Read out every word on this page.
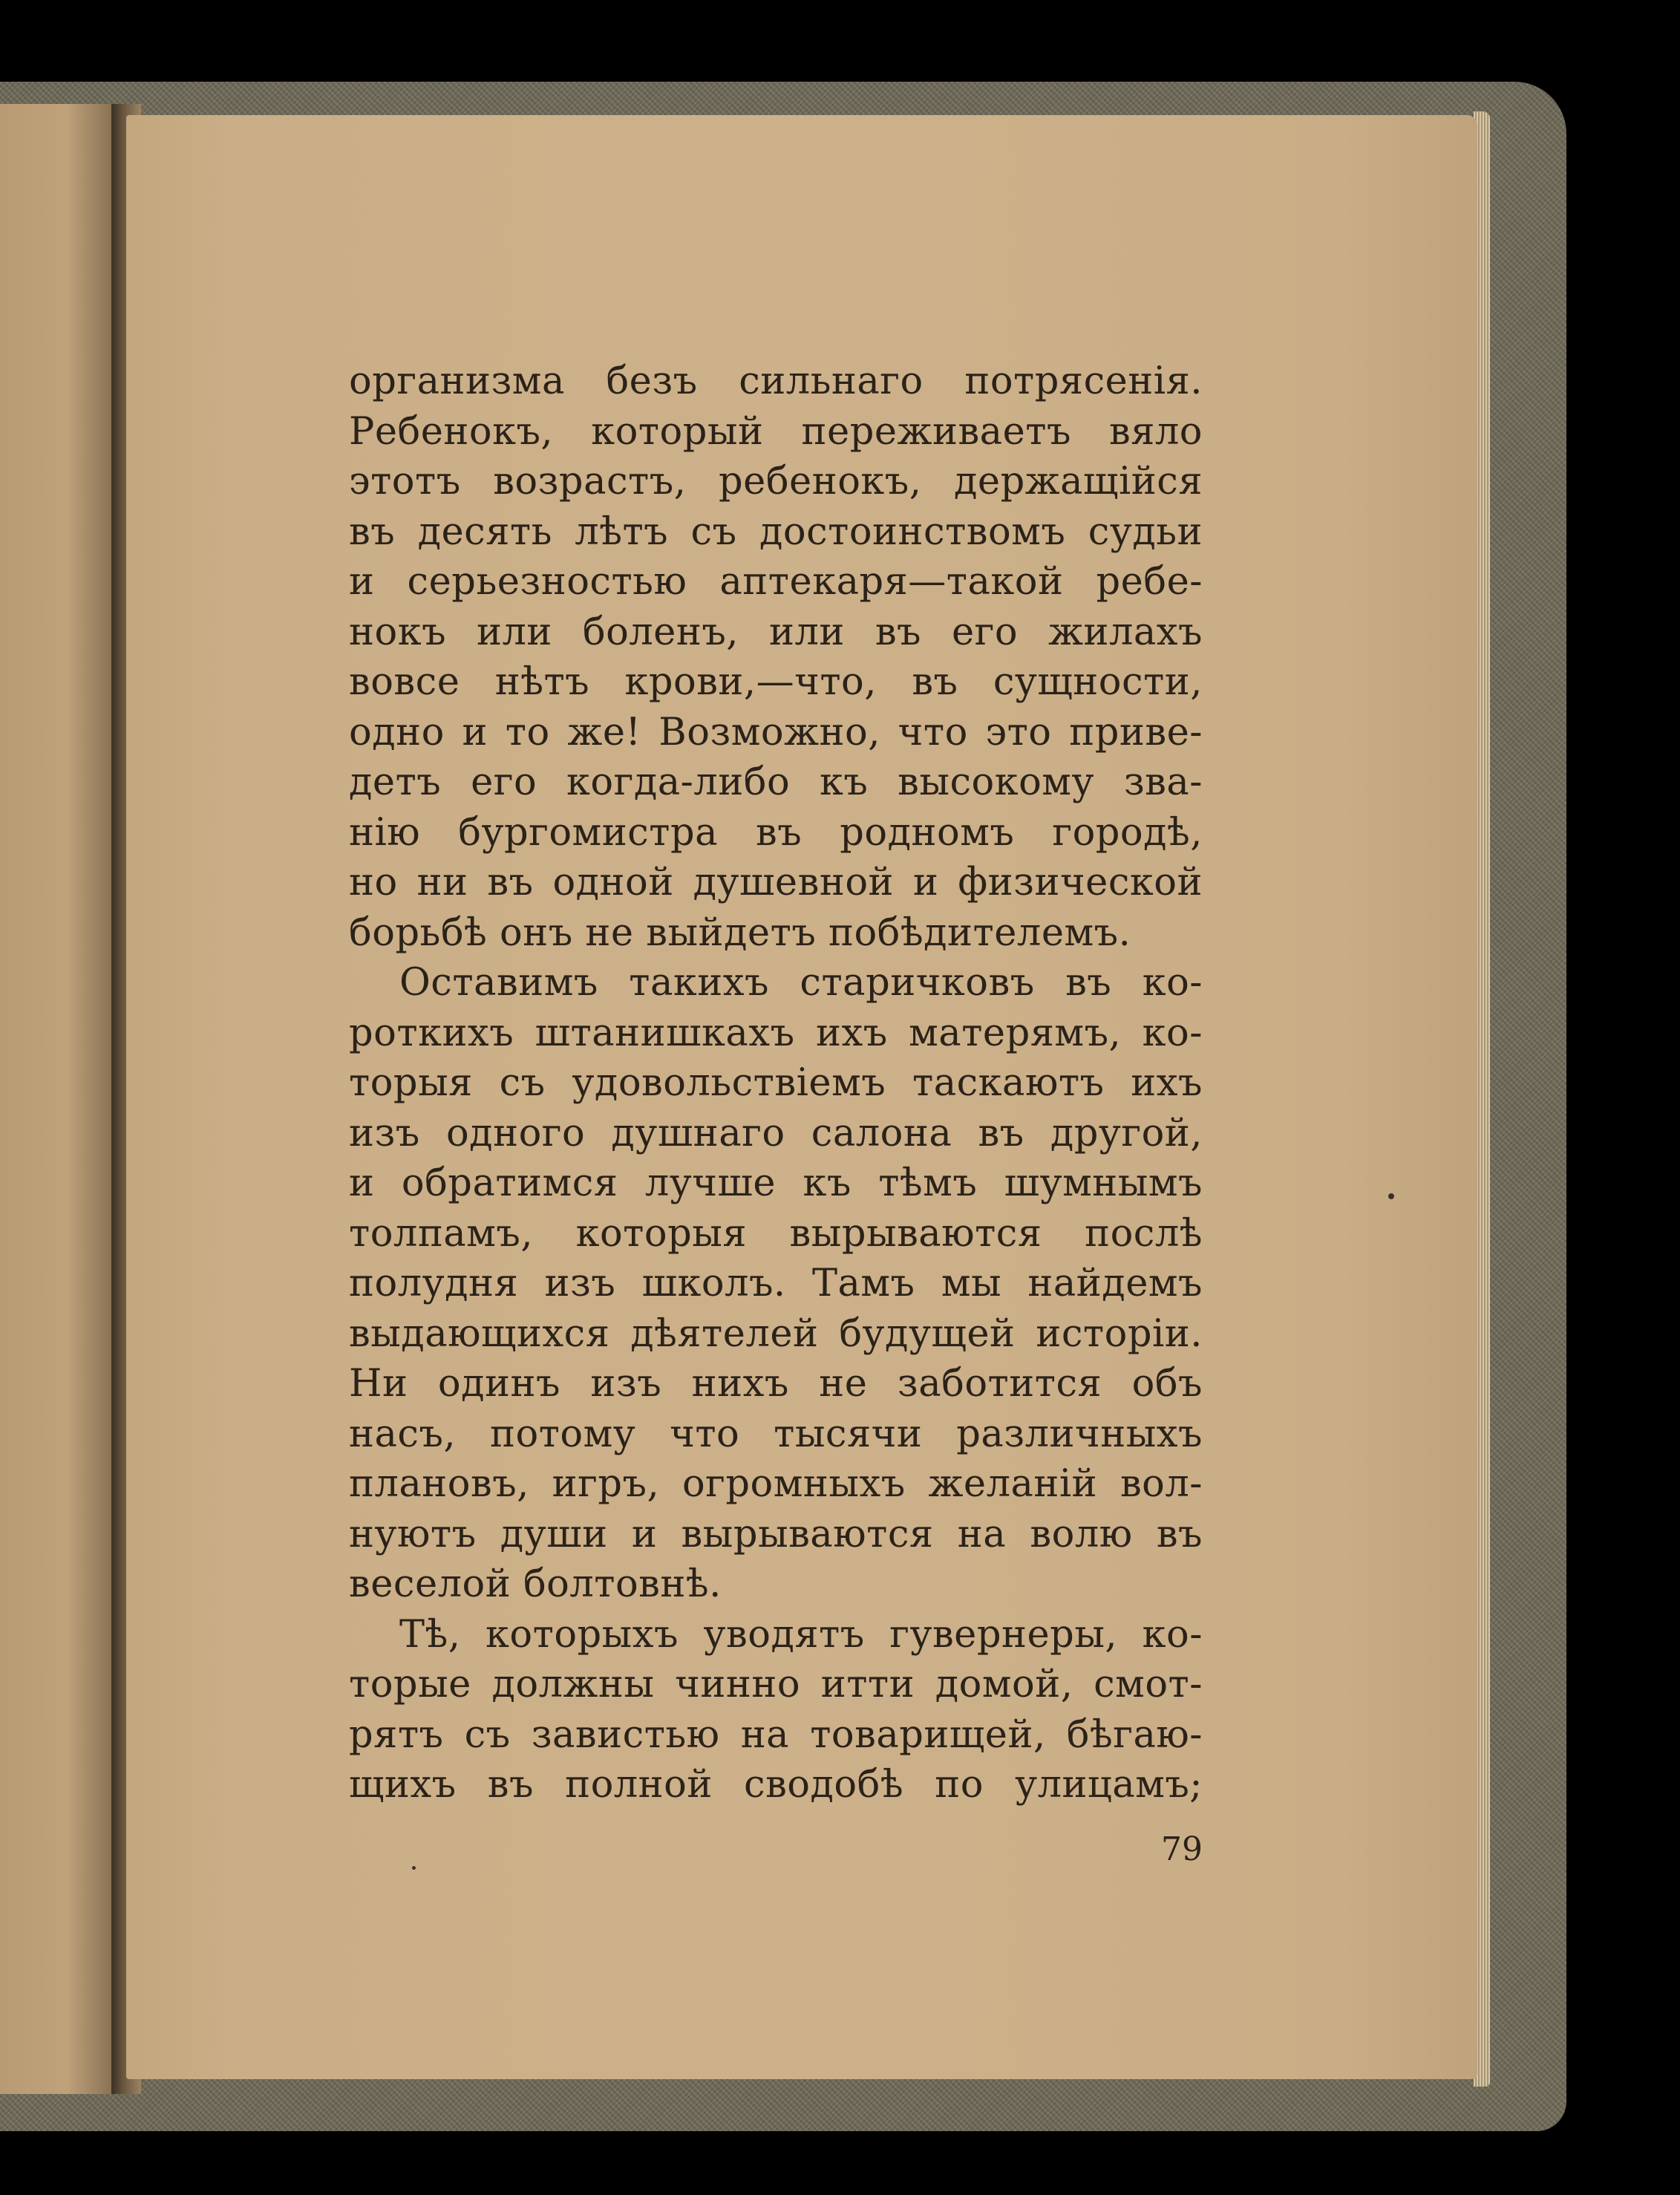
организма безъ сильнаго потрясенія.
Ребенокъ, который переживаетъ вяло
этотъ возрастъ, ребенокъ, держащійся
въ десять лѣтъ съ достоинствомъ судьи
и серьезностью аптекаря—такой ребе-
нокъ или боленъ, или въ его жилахъ
вовсе нѣтъ крови,—что, въ сущности,
одно и то же! Возможно, что это приве-
детъ его когда-либо къ высокому зва-
нію бургомистра въ родномъ городѣ,
но ни въ одной душевной и физической
борьбѣ онъ не выйдетъ побѣдителемъ.
Оставимъ такихъ старичковъ въ ко-
роткихъ штанишкахъ ихъ матерямъ, ко-
торыя съ удовольствіемъ таскаютъ ихъ
изъ одного душнаго салона въ другой,
и обратимся лучше къ тѣмъ шумнымъ
толпамъ, которыя вырываются послѣ
полудня изъ школъ. Тамъ мы найдемъ
выдающихся дѣятелей будущей исторіи.
Ни одинъ изъ нихъ не заботится объ
насъ, потому что тысячи различныхъ
плановъ, игръ, огромныхъ желаній вол-
нуютъ души и вырываются на волю въ
веселой болтовнѣ.
Тѣ, которыхъ уводятъ гувернеры, ко-
торые должны чинно итти домой, смот-
рятъ съ завистью на товарищей, бѣгаю-
щихъ въ полной сводобѣ по улицамъ;
79
